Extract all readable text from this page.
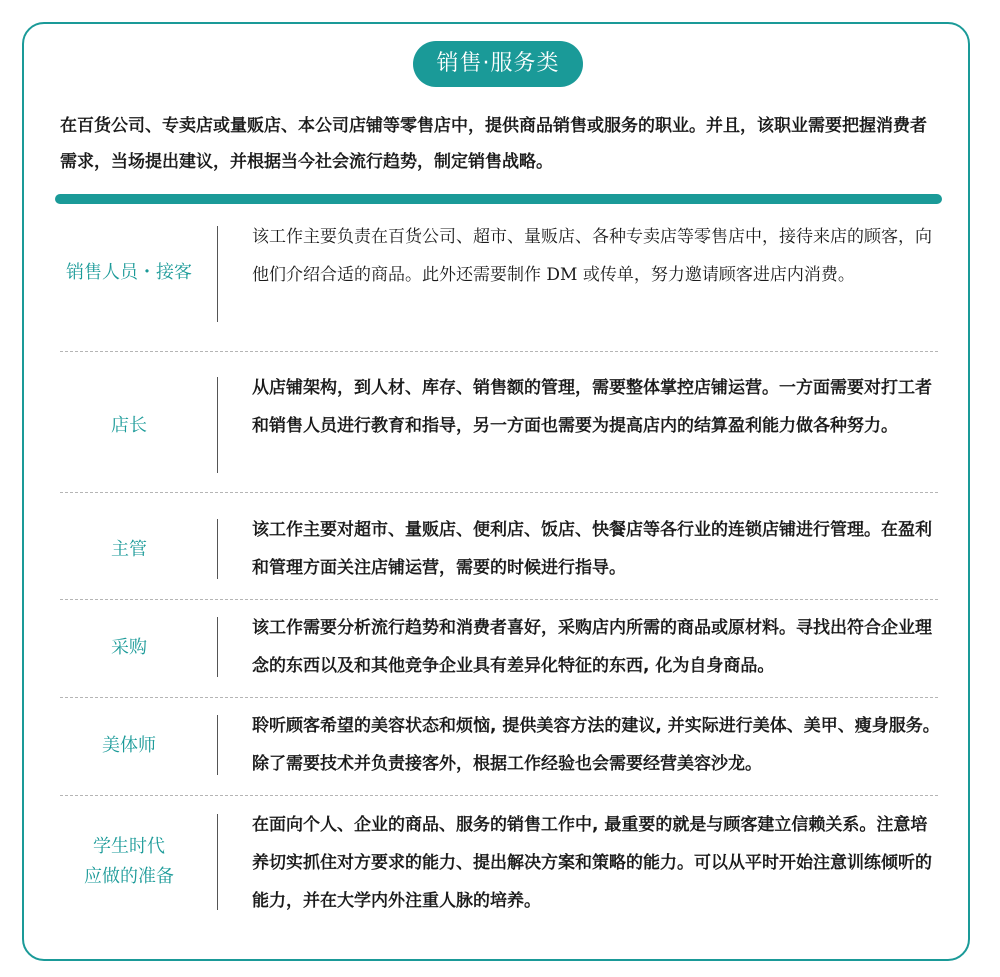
销售·服务类
在百货公司、专卖店或量贩店、本公司店铺等零售店中，提供商品销售或服务的职业。并且，该职业需要把握消费者需求，当场提出建议，并根据当今社会流行趋势，制定销售战略。
销售人员・接客
该工作主要负责在百货公司、超市、量贩店、各种专卖店等零售店中，接待来店的顾客，向他们介绍合适的商品。此外还需要制作 DM 或传单，努力邀请顾客进店内消费。
店长
从店铺架构，到人材、库存、销售额的管理，需要整体掌控店铺运营。一方面需要对打工者和销售人员进行教育和指导，另一方面也需要为提高店内的结算盈利能力做各种努力。
主管
该工作主要对超市、量贩店、便利店、饭店、快餐店等各行业的连锁店铺进行管理。在盈利和管理方面关注店铺运营，需要的时候进行指导。
采购
该工作需要分析流行趋势和消费者喜好，采购店内所需的商品或原材料。寻找出符合企业理念的东西以及和其他竞争企业具有差异化特征的东西, 化为自身商品。
美体师
聆听顾客希望的美容状态和烦恼, 提供美容方法的建议, 并实际进行美体、美甲、瘦身服务。除了需要技术并负责接客外，根据工作经验也会需要经营美容沙龙。
学生时代
应做的准备
在面向个人、企业的商品、服务的销售工作中, 最重要的就是与顾客建立信赖关系。注意培养切实抓住对方要求的能力、提出解决方案和策略的能力。可以从平时开始注意训练倾听的能力，并在大学内外注重人脉的培养。
